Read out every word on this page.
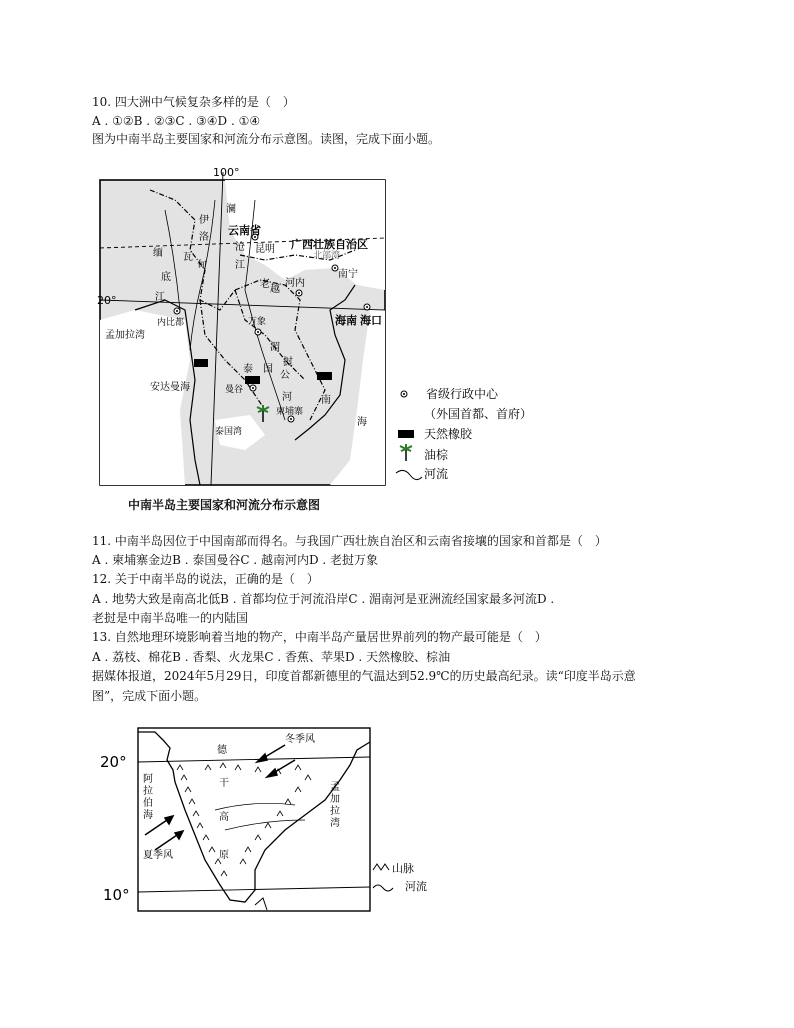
10. 四大洲中气候复杂多样的是（　）
A . ①②B . ②③C . ③④D . ①④
图为中南半岛主要国家和河流分布示意图。读图，完成下面小题。
100°
20°
云南省
昆明 广西壮族自治区
南宁
北部湾
河内
海南 海口
万象
内比都
曼谷
柬埔寨
泰国湾
孟加拉湾
安达曼海
海
伊
洛
瓦
底
江
缅
甸
澜
沧
江
老
挝
泰 国
湄
公
河
越
南	省级行政中心
（外国首都、首府）
天然橡胶
油棕
河流
中南半岛主要国家和河流分布示意图
11. 中南半岛因位于中国南部而得名。与我国广西壮族自治区和云南省接壤的国家和首都是（　）
A . 柬埔寨金边B . 泰国曼谷C . 越南河内D . 老挝万象
12. 关于中南半岛的说法，正确的是（　）
A . 地势大致是南高北低B . 首都均位于河流沿岸C . 湄南河是亚洲流经国家最多河流D .
老挝是中南半岛唯一的内陆国
13. 自然地理环境影响着当地的物产，中南半岛产量居世界前列的物产最可能是（　）
A . 荔枝、棉花B . 香梨、火龙果C . 香蕉、苹果D . 天然橡胶、棕油
据媒体报道，2024年5月29日，印度首都新德里的气温达到52.9℃的历史最高纪录。读“印度半岛示意
图”，完成下面小题。
20°
10°
冬季风
夏季风
阿
拉
伯
海
孟
加
拉
湾
德
干
高
原
山脉
河流
